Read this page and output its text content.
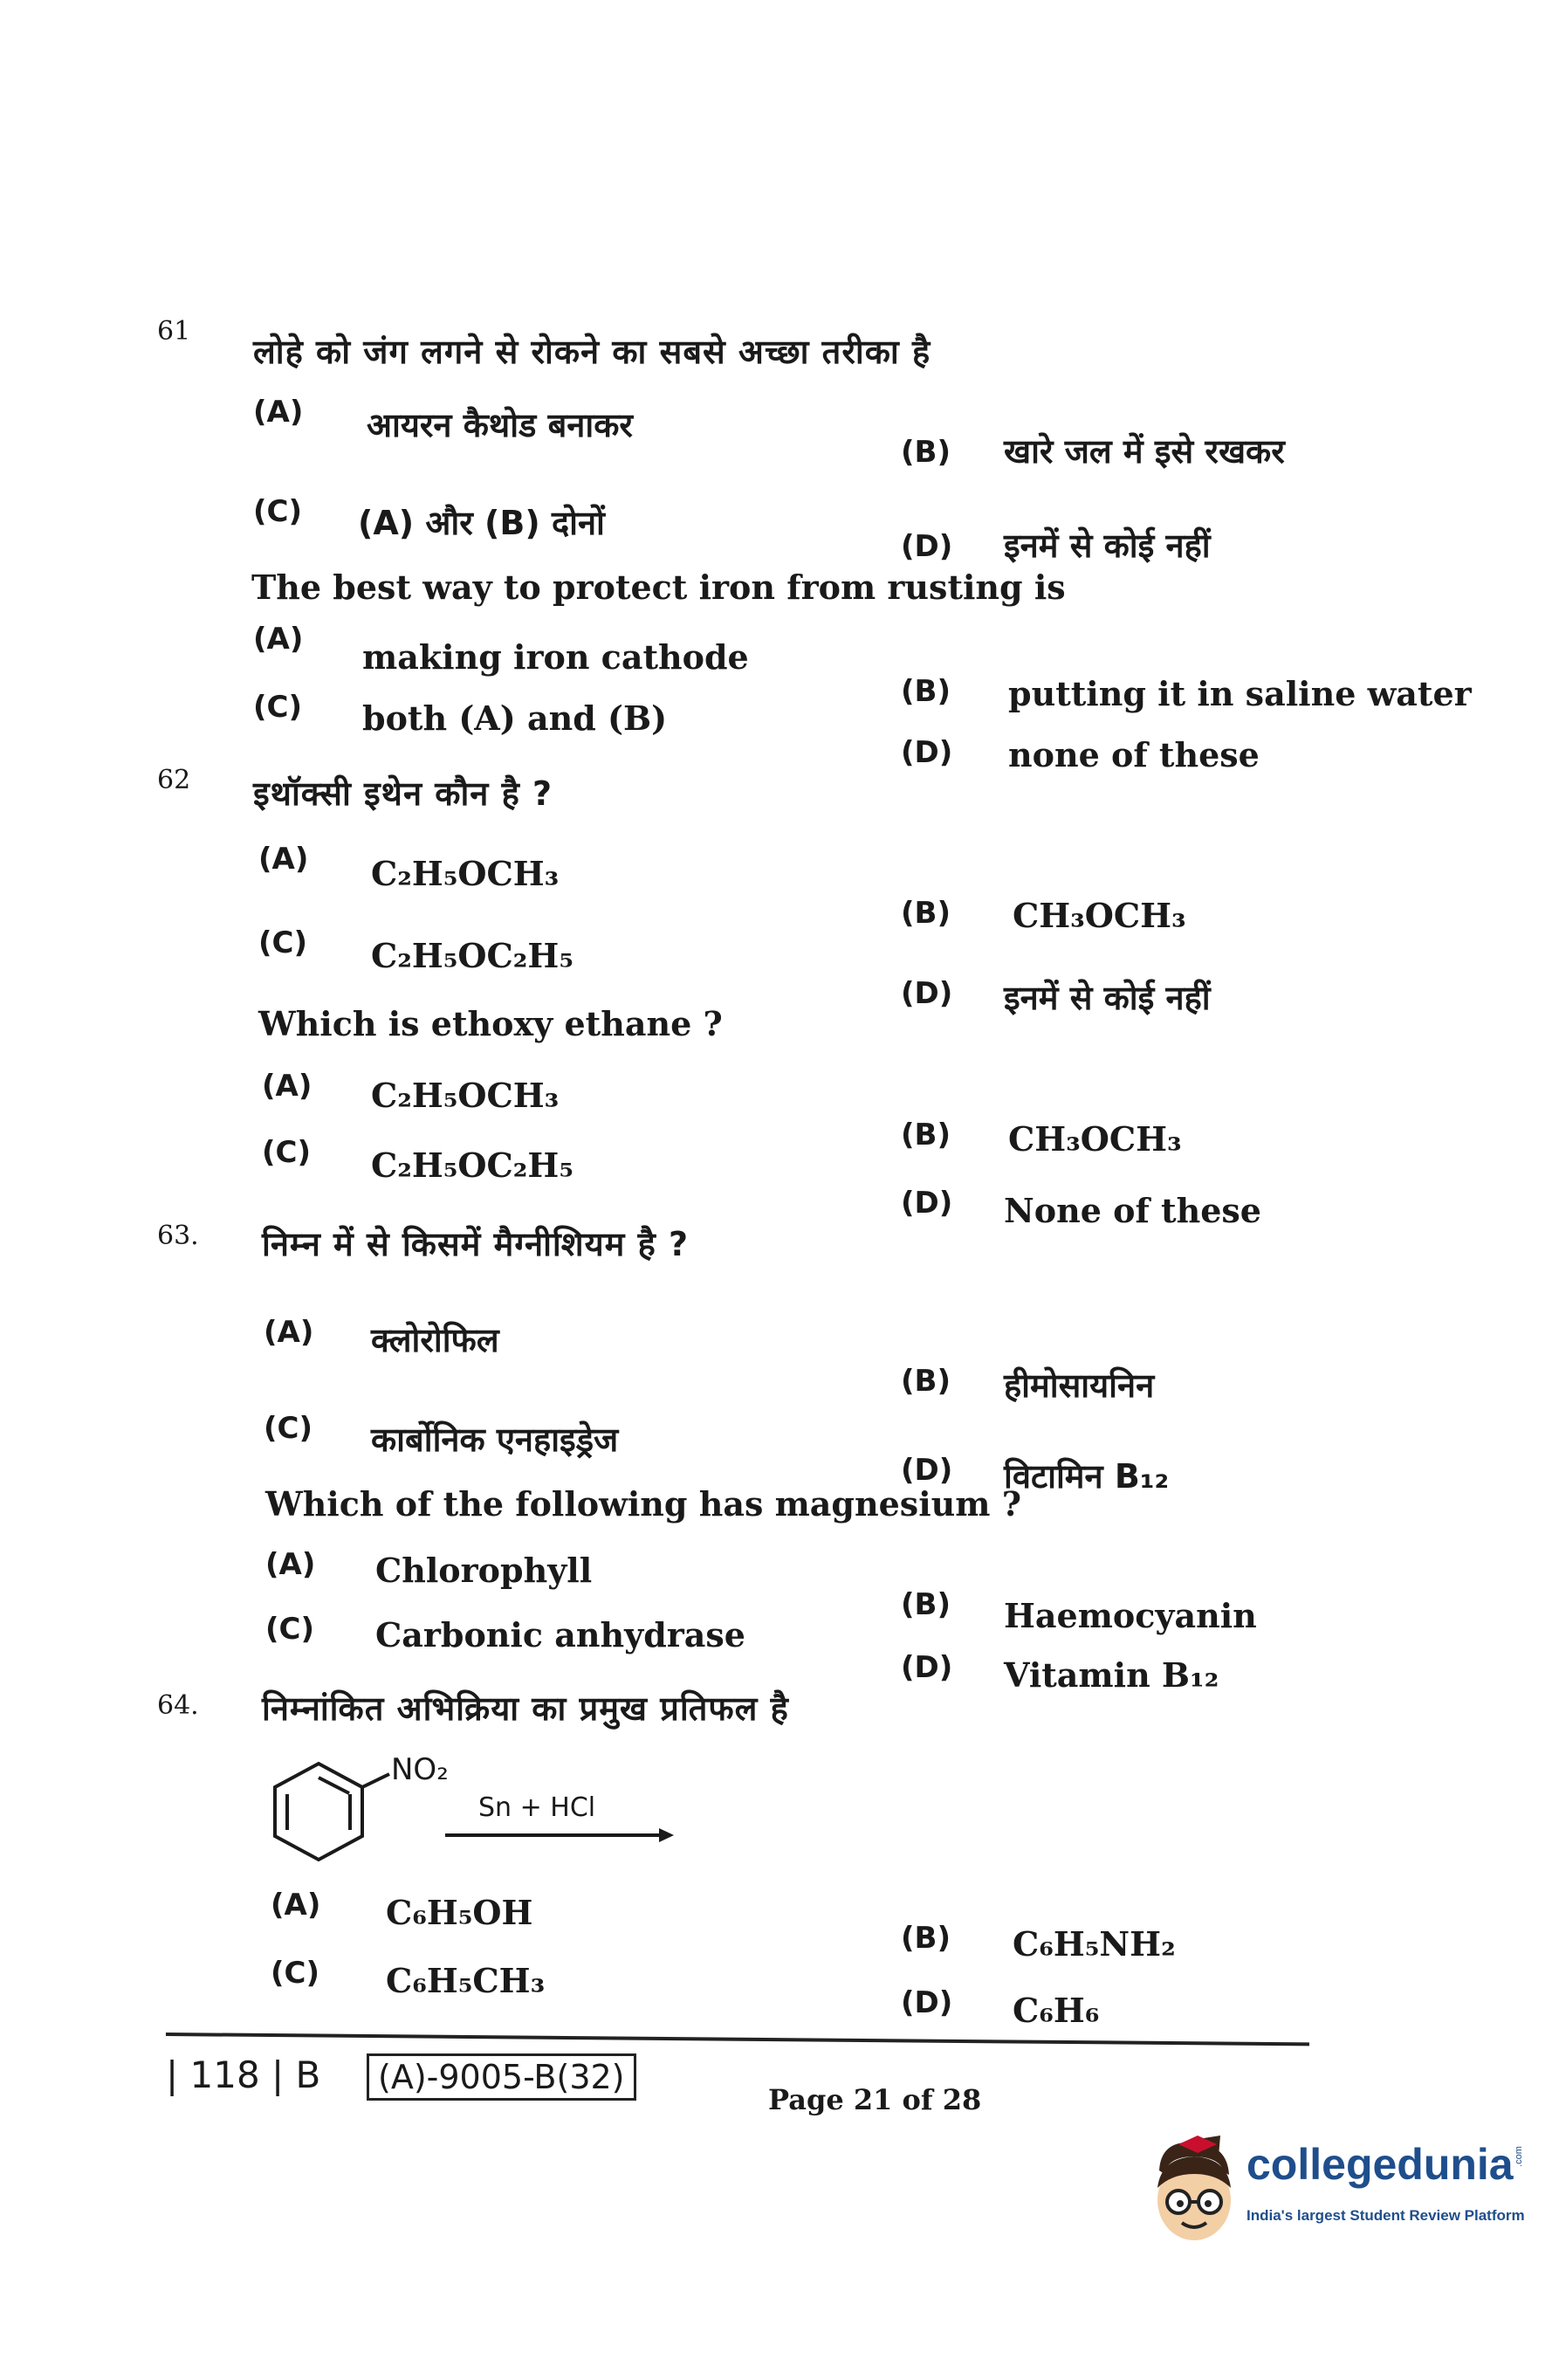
61
लोहे को जंग लगने से रोकने का सबसे अच्छा तरीका है
(A) आयरन कैथोड बनाकर
(B) खारे जल में इसे रखकर
(C) (A) और (B) दोनों
(D) इनमें से कोई नहीं
The best way to protect iron from rusting is
(A) making iron cathode
(B) putting it in saline water
(C) both (A) and (B)
(D) none of these
62 इथॉक्सी इथेन कौन है ?
(A) C₂H₅OCH₃
(B) CH₃OCH₃
(C) C₂H₅OC₂H₅
(D) इनमें से कोई नहीं
Which is ethoxy ethane ?
(A) C₂H₅OCH₃
(B) CH₃OCH₃
(C) C₂H₅OC₂H₅
(D) None of these
63. निम्न में से किसमें मैग्नीशियम है ?
(A) क्लोरोफिल
(B) हीमोसायनिन
(C) कार्बोनिक एनहाइड्रेज
(D) विटामिन B₁₂
Which of the following has magnesium ?
(A) Chlorophyll
(B) Haemocyanin
(C) Carbonic anhydrase
(D) Vitamin B₁₂
64. निम्नांकित अभिक्रिया का प्रमुख प्रतिफल है
NO₂
Sn + HCl
(A) C₆H₅OH
(B) C₆H₅NH₂
(C) C₆H₅CH₃
(D) C₆H₆
| 118 | B	(A)-9005-B(32)
Page 21 of 28
collegedunia .com
India's largest Student Review Platform
